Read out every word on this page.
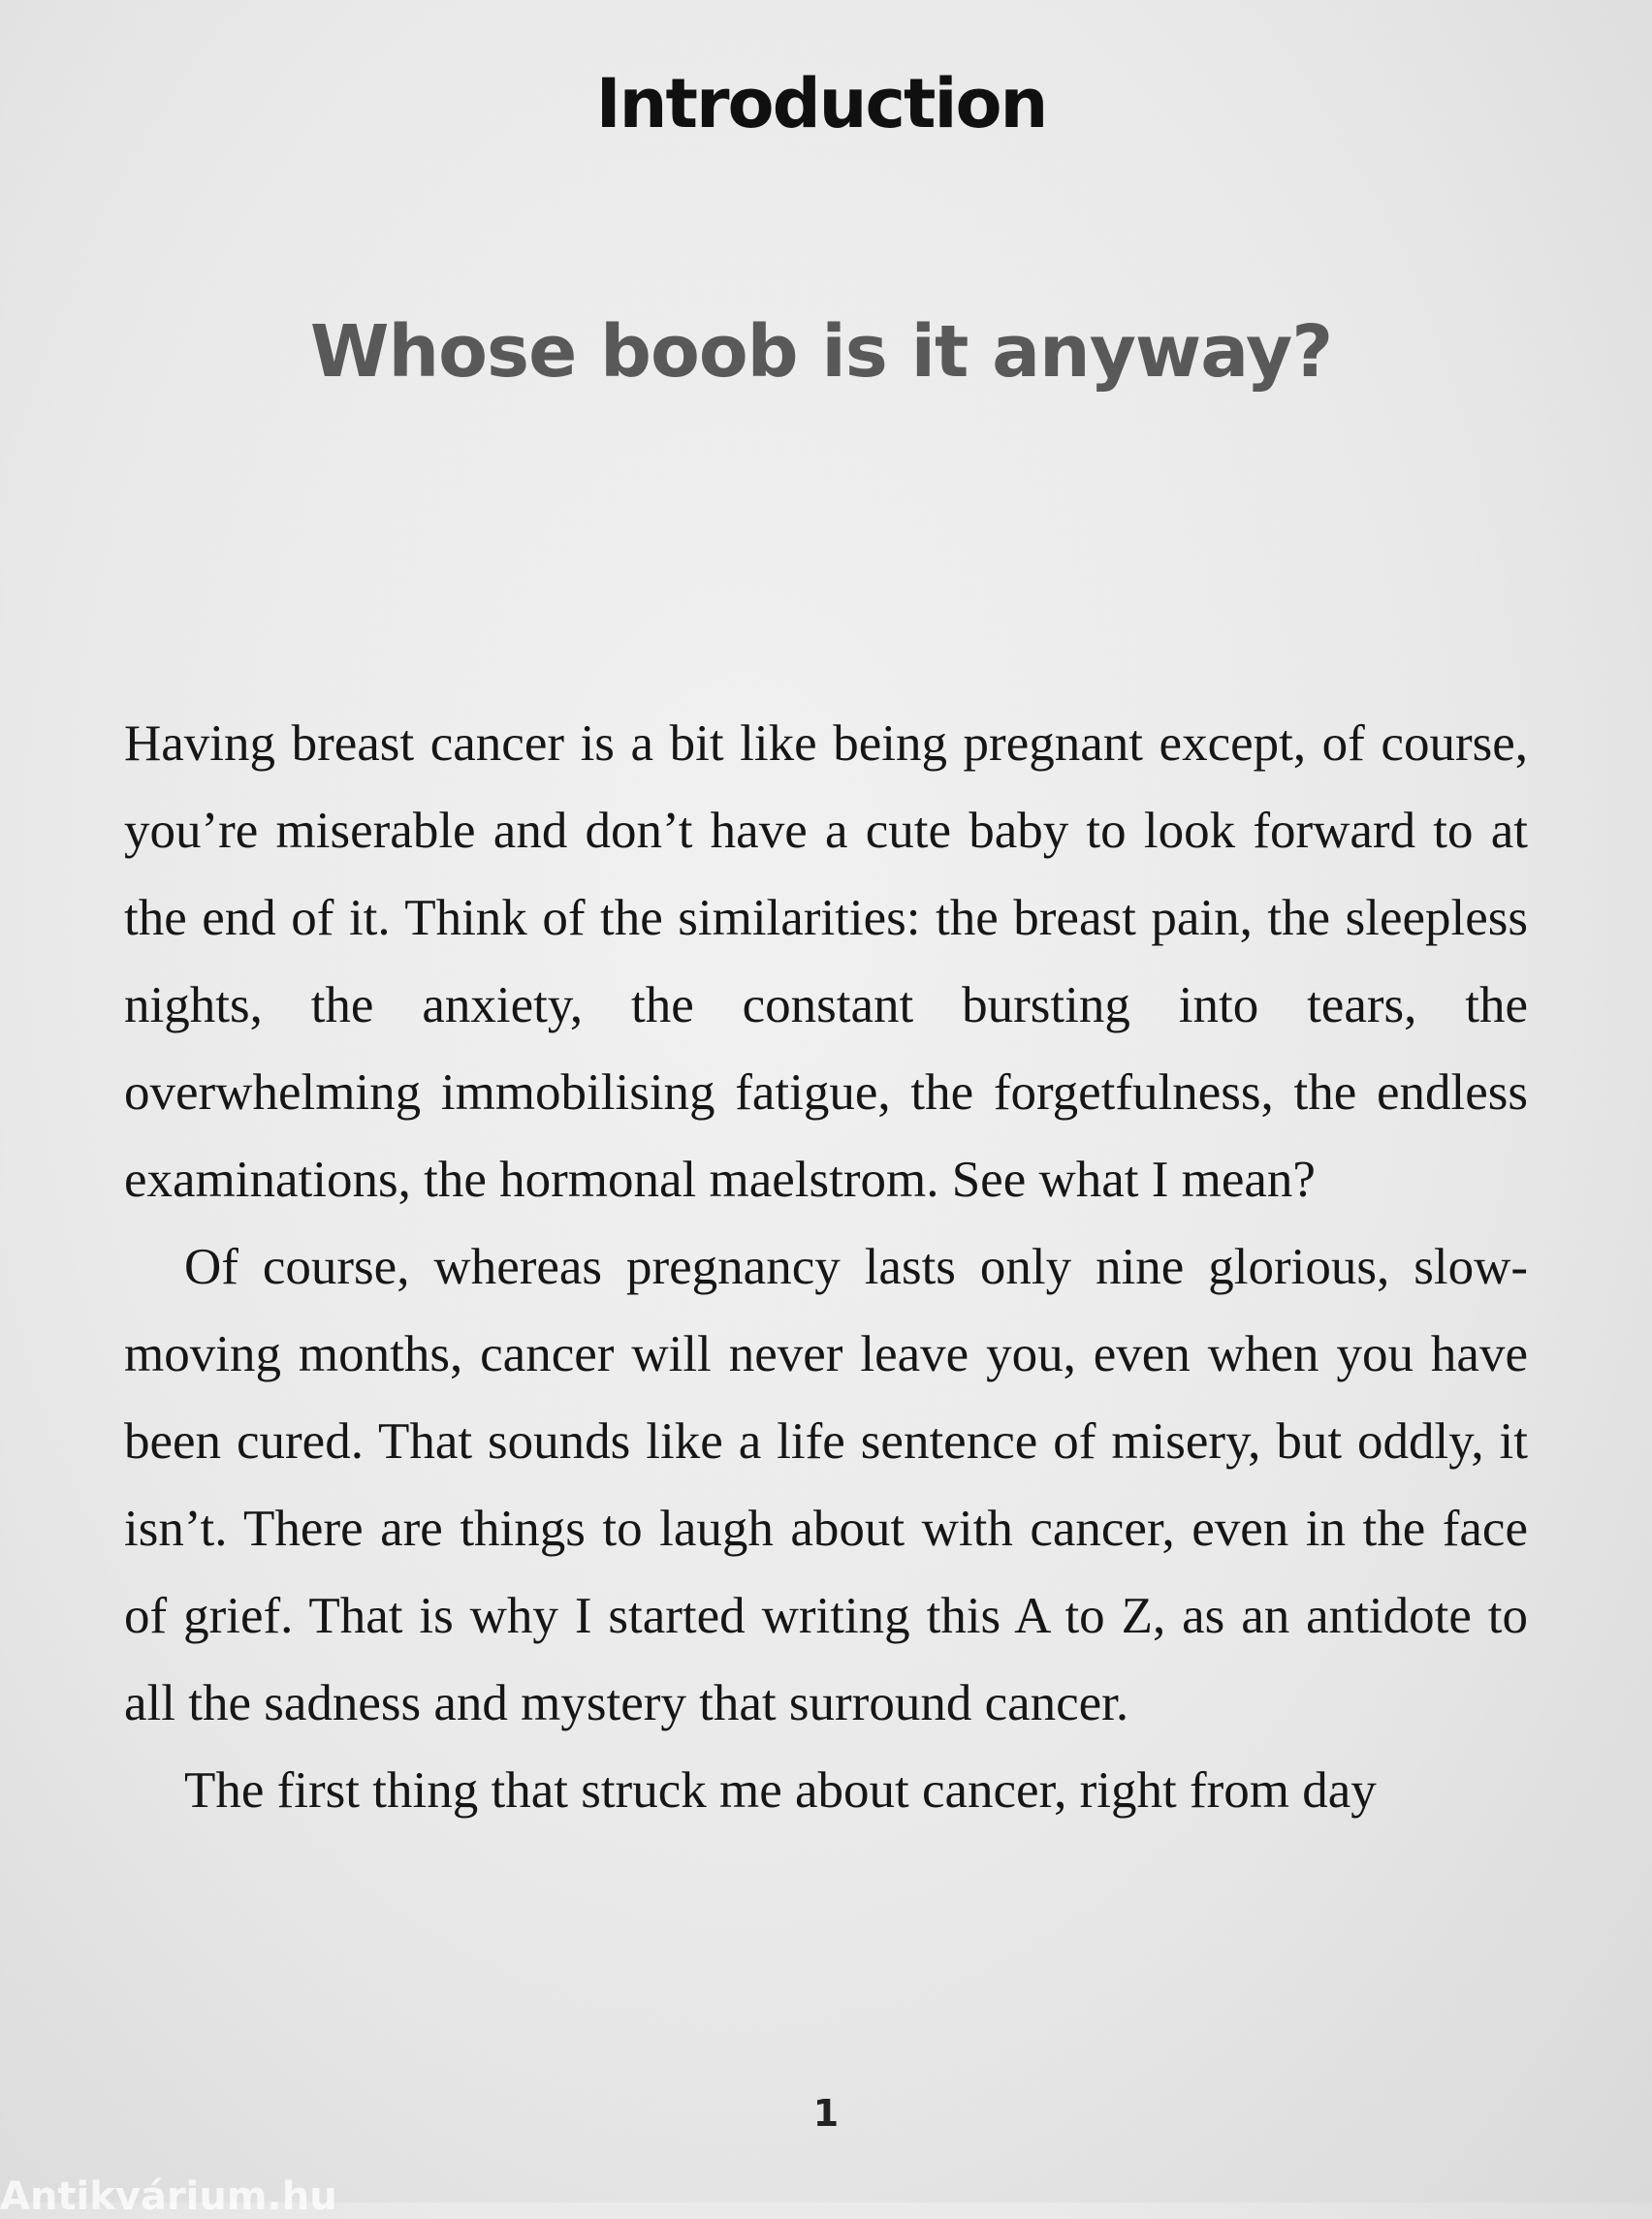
Introduction
Whose boob is it anyway?

Having breast cancer is a bit like being pregnant except, of course, you’re miserable and don’t have a cute baby to look forward to at the end of it. Think of the similarities: the breast pain, the sleepless nights, the anxiety, the constant bursting into tears, the overwhelming immobilising fatigue, the forgetfulness, the endless examinations, the hormonal maelstrom. See what I mean?

Of course, whereas pregnancy lasts only nine glorious, slow-moving months, cancer will never leave you, even when you have been cured. That sounds like a life sentence of misery, but oddly, it isn’t. There are things to laugh about with cancer, even in the face of grief. That is why I started writing this A to Z, as an antidote to all the sadness and mystery that surround cancer.

The first thing that struck me about cancer, right from day

1
Antikvárium.hu
